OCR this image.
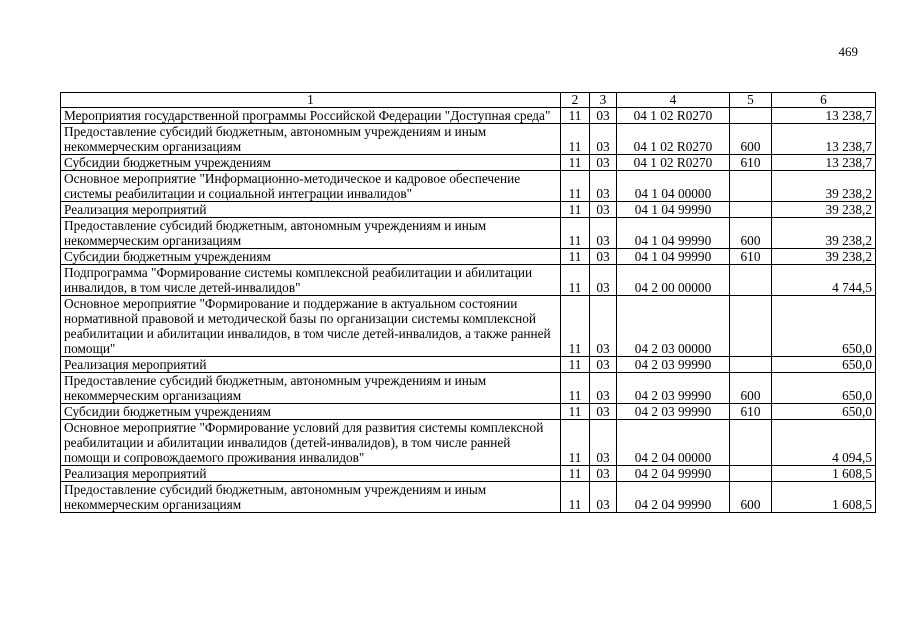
469
1	2	3	4	5	6
Мероприятия государственной программы Российской Федерации "Доступная среда"	11	03	04 1 02 R0270		13 238,7
Предоставление субсидий бюджетным, автономным учреждениям и иным некоммерческим организациям	11	03	04 1 02 R0270	600	13 238,7
Субсидии бюджетным учреждениям	11	03	04 1 02 R0270	610	13 238,7
Основное мероприятие "Информационно-методическое и кадровое обеспечение системы реабилитации и социальной интеграции инвалидов"	11	03	04 1 04 00000		39 238,2
Реализация мероприятий	11	03	04 1 04 99990		39 238,2
Предоставление субсидий бюджетным, автономным учреждениям и иным некоммерческим организациям	11	03	04 1 04 99990	600	39 238,2
Субсидии бюджетным учреждениям	11	03	04 1 04 99990	610	39 238,2
Подпрограмма "Формирование системы комплексной реабилитации и абилитации инвалидов, в том числе детей-инвалидов"	11	03	04 2 00 00000		4 744,5
Основное мероприятие "Формирование и поддержание в актуальном состоянии нормативной правовой и методической базы по организации системы комплексной реабилитации и абилитации инвалидов, в том числе детей-инвалидов, а также ранней помощи"	11	03	04 2 03 00000		650,0
Реализация мероприятий	11	03	04 2 03 99990		650,0
Предоставление субсидий бюджетным, автономным учреждениям и иным некоммерческим организациям	11	03	04 2 03 99990	600	650,0
Субсидии бюджетным учреждениям	11	03	04 2 03 99990	610	650,0
Основное мероприятие "Формирование условий для развития системы комплексной реабилитации и абилитации инвалидов (детей-инвалидов), в том числе ранней помощи и сопровождаемого проживания инвалидов"	11	03	04 2 04 00000		4 094,5
Реализация мероприятий	11	03	04 2 04 99990		1 608,5
Предоставление субсидий бюджетным, автономным учреждениям и иным некоммерческим организациям	11	03	04 2 04 99990	600	1 608,5
